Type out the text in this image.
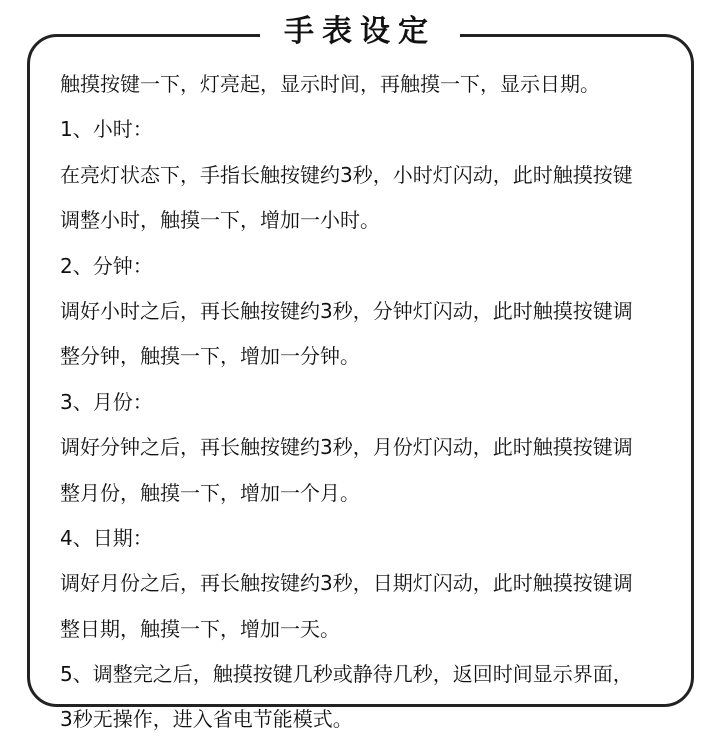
手表设定
触摸按键一下，灯亮起，显示时间，再触摸一下，显示日期。
1、小时：
在亮灯状态下，手指长触按键约3秒，小时灯闪动，此时触摸按键
调整小时，触摸一下，增加一小时。
2、分钟：
调好小时之后，再长触按键约3秒，分钟灯闪动，此时触摸按键调
整分钟，触摸一下，增加一分钟。
3、月份：
调好分钟之后，再长触按键约3秒，月份灯闪动，此时触摸按键调
整月份，触摸一下，增加一个月。
4、日期：
调好月份之后，再长触按键约3秒，日期灯闪动，此时触摸按键调
整日期，触摸一下，增加一天。
5、调整完之后，触摸按键几秒或静待几秒，返回时间显示界面，
3秒无操作，进入省电节能模式。
